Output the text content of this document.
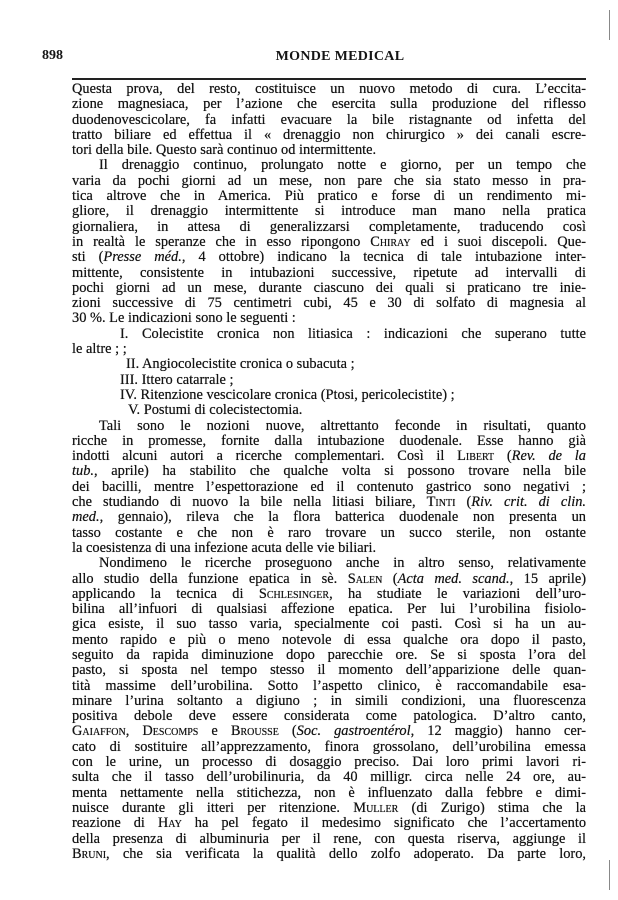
898	MONDE MEDICAL
Questa prova, del resto, costituisce un nuovo metodo di cura. L’eccita-
zione magnesiaca, per l’azione che esercita sulla produzione del riflesso
duodenovescicolare, fa infatti evacuare la bile ristagnante od infetta del
tratto biliare ed effettua il « drenaggio non chirurgico » dei canali escre-
tori della bile. Questo sarà continuo od intermittente.
Il drenaggio continuo, prolungato notte e giorno, per un tempo che
varia da pochi giorni ad un mese, non pare che sia stato messo in pra-
tica altrove che in America. Più pratico e forse di un rendimento mi-
gliore, il drenaggio intermittente si introduce man mano nella pratica
giornaliera, in attesa di generalizzarsi completamente, traducendo così
in realtà le speranze che in esso ripongono Chiray ed i suoi discepoli. Que-
sti (Presse méd., 4 ottobre) indicano la tecnica di tale intubazione inter-
mittente, consistente in intubazioni successive, ripetute ad intervalli di
pochi giorni ad un mese, durante ciascuno dei quali si praticano tre inie-
zioni successive di 75 centimetri cubi, 45 e 30 di solfato di magnesia al
30 %. Le indicazioni sono le seguenti :
I. Colecistite cronica non litiasica : indicazioni che superano tutte
le altre ; ;
II. Angiocolecistite cronica o subacuta ;
III. Ittero catarrale ;
IV. Ritenzione vescicolare cronica (Ptosi, pericolecistite) ;
V. Postumi di colecistectomia.
Tali sono le nozioni nuove, altrettanto feconde in risultati, quanto
ricche in promesse, fornite dalla intubazione duodenale. Esse hanno già
indotti alcuni autori a ricerche complementari. Così il Libert (Rev. de la
tub., aprile) ha stabilito che qualche volta si possono trovare nella bile
dei bacilli, mentre l’espettorazione ed il contenuto gastrico sono negativi ;
che studiando di nuovo la bile nella litiasi biliare, Tinti (Riv. crit. di clin.
med., gennaio), rileva che la flora batterica duodenale non presenta un
tasso costante e che non è raro trovare un succo sterile, non ostante
la coesistenza di una infezione acuta delle vie biliari.
Nondimeno le ricerche proseguono anche in altro senso, relativamente
allo studio della funzione epatica in sè. Salen (Acta med. scand., 15 aprile)
applicando la tecnica di Schlesinger, ha studiate le variazioni dell’uro-
bilina all’infuori di qualsiasi affezione epatica. Per lui l’urobilina fisiolo-
gica esiste, il suo tasso varia, specialmente coi pasti. Così si ha un au-
mento rapido e più o meno notevole di essa qualche ora dopo il pasto,
seguito da rapida diminuzione dopo parecchie ore. Se si sposta l’ora del
pasto, si sposta nel tempo stesso il momento dell’apparizione delle quan-
tità massime dell’urobilina. Sotto l’aspetto clinico, è raccomandabile esa-
minare l’urina soltanto a digiuno ; in simili condizioni, una fluorescenza
positiva debole deve essere considerata come patologica. D’altro canto,
Gaiaffon, Descomps e Brousse (Soc. gastroentérol, 12 maggio) hanno cer-
cato di sostituire all’apprezzamento, finora grossolano, dell’urobilina emessa
con le urine, un processo di dosaggio preciso. Dai loro primi lavori ri-
sulta che il tasso dell’urobilinuria, da 40 milligr. circa nelle 24 ore, au-
menta nettamente nella stitichezza, non è influenzato dalla febbre e dimi-
nuisce durante gli itteri per ritenzione. Muller (di Zurigo) stima che la
reazione di Hay ha pel fegato il medesimo significato che l’accertamento
della presenza di albuminuria per il rene, con questa riserva, aggiunge il
Bruni, che sia verificata la qualità dello zolfo adoperato. Da parte loro,
